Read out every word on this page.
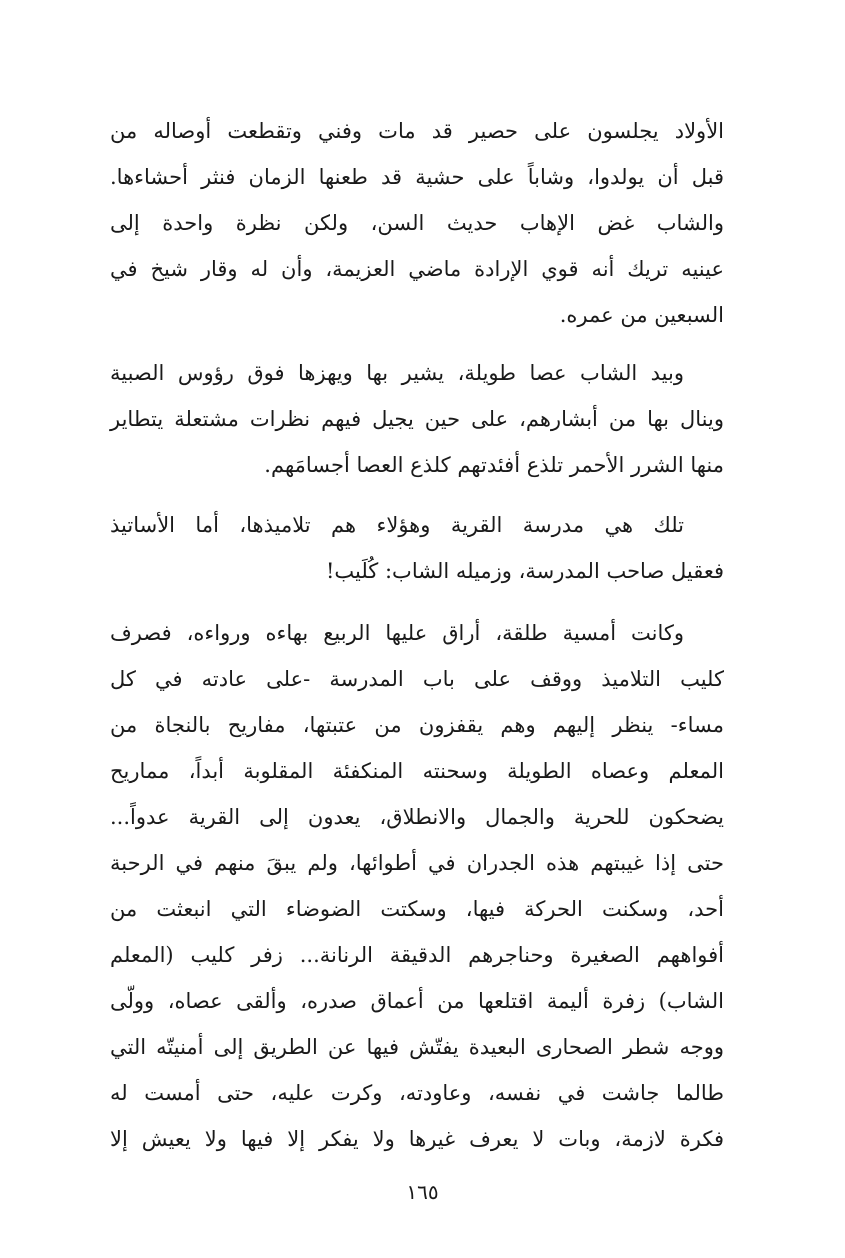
الأولاد يجلسون على حصير قد مات وفني وتقطعت أوصاله من
قبل أن يولدوا، وشاباً على حشية قد طعنها الزمان فنثر أحشاءها.
والشاب غض الإهاب حديث السن، ولكن نظرة واحدة إلى
عينيه تريك أنه قوي الإرادة ماضي العزيمة، وأن له وقار شيخ في
السبعين من عمره.
وبيد الشاب عصا طويلة، يشير بها ويهزها فوق رؤوس الصبية
وينال بها من أبشارهم، على حين يجيل فيهم نظرات مشتعلة يتطاير
منها الشرر الأحمر تلذع أفئدتهم كلذع العصا أجسامَهم.
تلك هي مدرسة القرية وهؤلاء هم تلاميذها، أما الأساتيذ
فعقيل صاحب المدرسة، وزميله الشاب: كُلَيب!
وكانت أمسية طلقة، أراق عليها الربيع بهاءه ورواءه، فصرف
كليب التلاميذ ووقف على باب المدرسة -على عادته في كل
مساء- ينظر إليهم وهم يقفزون من عتبتها، مفاريح بالنجاة من
المعلم وعصاه الطويلة وسحنته المنكفئة المقلوبة أبداً، مماريح
يضحكون للحرية والجمال والانطلاق، يعدون إلى القرية عدواً...
حتى إذا غيبتهم هذه الجدران في أطوائها، ولم يبقَ منهم في الرحبة
أحد، وسكنت الحركة فيها، وسكتت الضوضاء التي انبعثت من
أفواههم الصغيرة وحناجرهم الدقيقة الرنانة... زفر كليب (المعلم
الشاب) زفرة أليمة اقتلعها من أعماق صدره، وألقى عصاه، وولّى
ووجه شطر الصحارى البعيدة يفتّش فيها عن الطريق إلى أمنيتّه التي
طالما جاشت في نفسه، وعاودته، وكرت عليه، حتى أمست له
فكرة لازمة، وبات لا يعرف غيرها ولا يفكر إلا فيها ولا يعيش إلا
١٦٥
